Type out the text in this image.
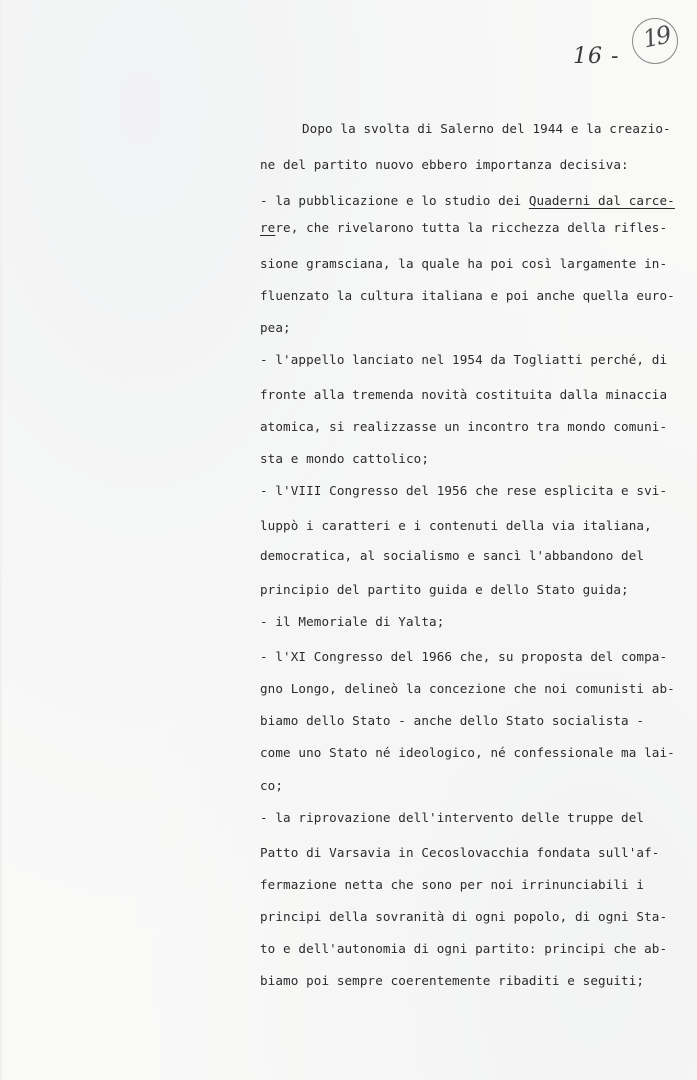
19
16 -
Dopo la svolta di Salerno del 1944 e la creazio-
ne del partito nuovo ebbero importanza decisiva:
- la pubblicazione e lo studio dei Quaderni dal carce-
rere, che rivelarono tutta la ricchezza della rifles-
sione gramsciana, la quale ha poi così largamente in-
fluenzato la cultura italiana e poi anche quella euro-
pea;
- l'appello lanciato nel 1954 da Togliatti perché, di
fronte alla tremenda novità costituita dalla minaccia
atomica, si realizzasse un incontro tra mondo comuni-
sta e mondo cattolico;
- l'VIII Congresso del 1956 che rese esplicita e svi-
luppò i caratteri e i contenuti della via italiana,
democratica, al socialismo e sancì l'abbandono del
principio del partito guida e dello Stato guida;
- il Memoriale di Yalta;
- l'XI Congresso del 1966 che, su proposta del compa-
gno Longo, delineò la concezione che noi comunisti ab-
biamo dello Stato - anche dello Stato socialista -
come uno Stato né ideologico, né confessionale ma lai-
co;
- la riprovazione dell'intervento delle truppe del
Patto di Varsavia in Cecoslovacchia fondata sull'af-
fermazione netta che sono per noi irrinunciabili i
principi della sovranità di ogni popolo, di ogni Sta-
to e dell'autonomia di ogni partito: principi che ab-
biamo poi sempre coerentemente ribaditi e seguiti;
